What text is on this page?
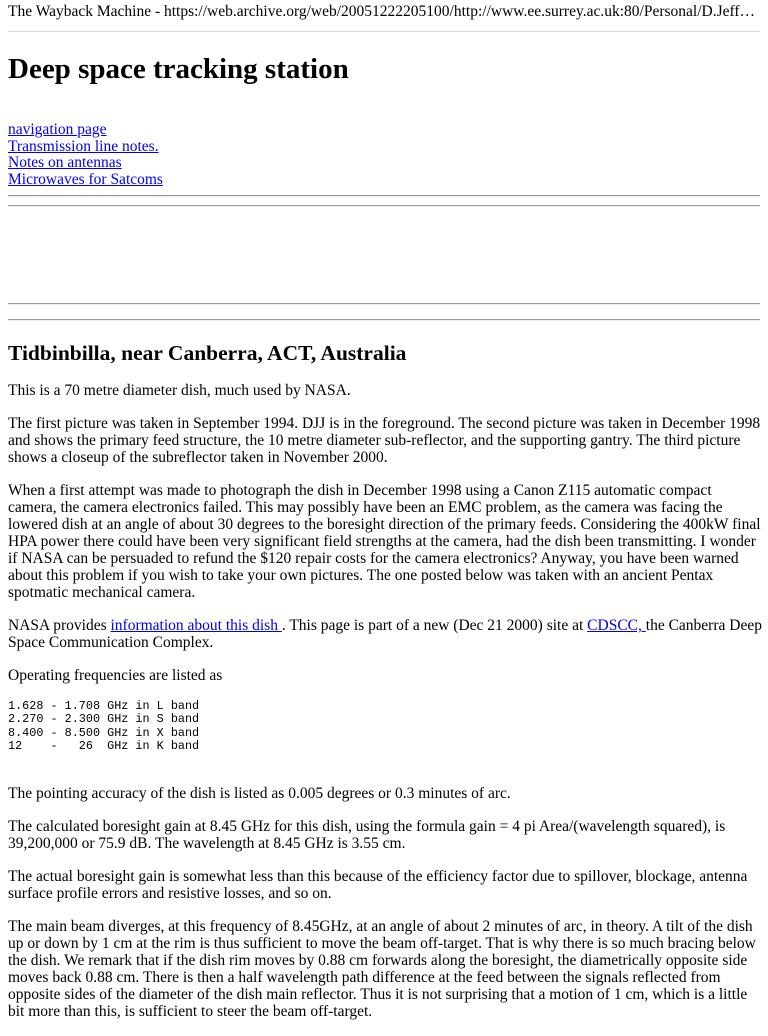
The Wayback Machine - https://web.archive.org/web/20051222205100/http://www.ee.surrey.ac.uk:80/Personal/D.Jeff…
Deep space tracking station
navigation page
Transmission line notes.
Notes on antennas
Microwaves for Satcoms
Tidbinbilla, near Canberra, ACT, Australia

This is a 70 metre diameter dish, much used by NASA.

The first picture was taken in September 1994. DJJ is in the foreground. The second picture was taken in December 1998 and shows the primary feed structure, the 10 metre diameter sub-reflector, and the supporting gantry. The third picture shows a closeup of the subreflector taken in November 2000.

When a first attempt was made to photograph the dish in December 1998 using a Canon Z115 automatic compact camera, the camera electronics failed. This may possibly have been an EMC problem, as the camera was facing the lowered dish at an angle of about 30 degrees to the boresight direction of the primary feeds. Considering the 400kW final HPA power there could have been very significant field strengths at the camera, had the dish been transmitting. I wonder if NASA can be persuaded to refund the $120 repair costs for the camera electronics? Anyway, you have been warned about this problem if you wish to take your own pictures. The one posted below was taken with an ancient Pentax spotmatic mechanical camera.

NASA provides information about this dish . This page is part of a new (Dec 21 2000) site at CDSCC, the Canberra Deep Space Communication Complex.

Operating frequencies are listed as

1.628 - 1.708 GHz in L band
2.270 - 2.300 GHz in S band
8.400 - 8.500 GHz in X band
12    -   26  GHz in K band

The pointing accuracy of the dish is listed as 0.005 degrees or 0.3 minutes of arc.

The calculated boresight gain at 8.45 GHz for this dish, using the formula gain = 4 pi Area/(wavelength squared), is 39,200,000 or 75.9 dB. The wavelength at 8.45 GHz is 3.55 cm.

The actual boresight gain is somewhat less than this because of the efficiency factor due to spillover, blockage, antenna surface profile errors and resistive losses, and so on.

The main beam diverges, at this frequency of 8.45GHz, at an angle of about 2 minutes of arc, in theory. A tilt of the dish up or down by 1 cm at the rim is thus sufficient to move the beam off-target. That is why there is so much bracing below the dish. We remark that if the dish rim moves by 0.88 cm forwards along the boresight, the diametrically opposite side moves back 0.88 cm. There is then a half wavelength path difference at the feed between the signals reflected from opposite sides of the diameter of the dish main reflector. Thus it is not surprising that a motion of 1 cm, which is a little bit more than this, is sufficient to steer the beam off-target.
